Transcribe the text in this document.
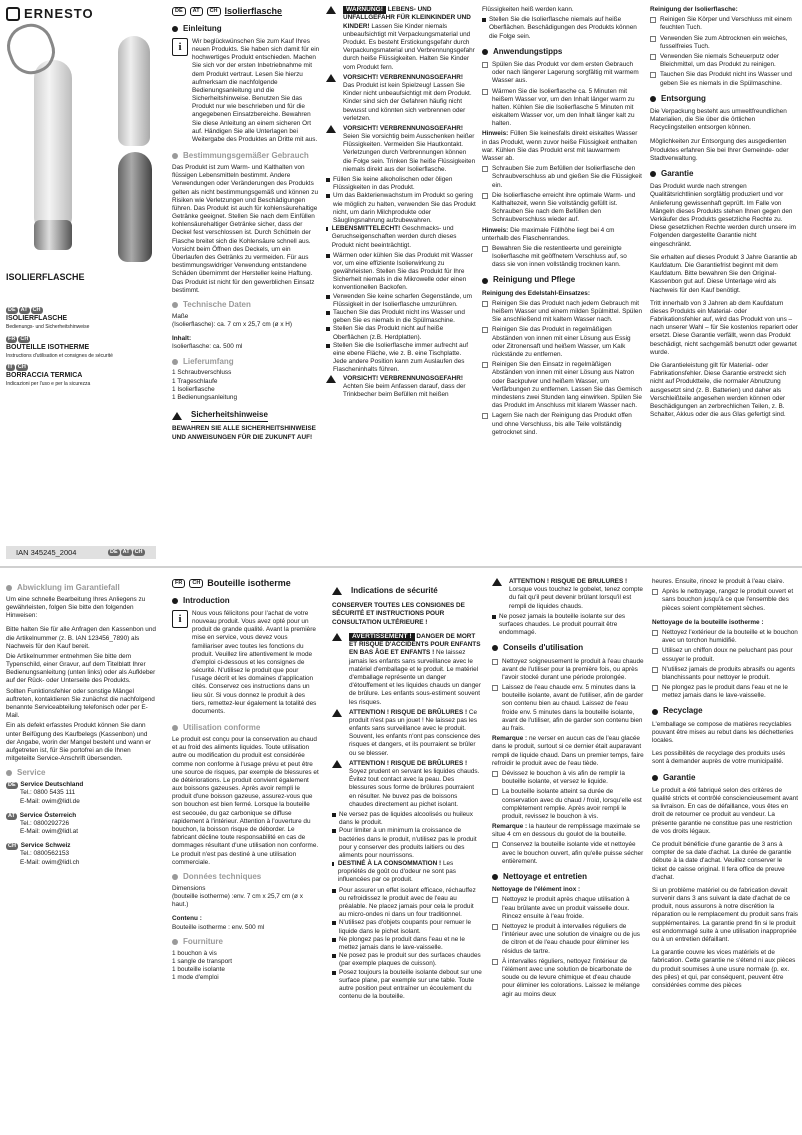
ERNESTO
ISOLIERFLASCHE
DE AT CH
ISOLIERFLASCHE
Bedienungs- und Sicherheitshinweise
FR CH
BOUTEILLE ISOTHERME
Instructions d'utilisation et consignes de sécurité
IT CH
BORRACCIA TERMICA
Indicazioni per l'uso e per la sicurezza
IAN 345245_2004	DE AT CH
DE	AT	CH Isolierflasche
Einleitung
i	Wir beglückwünschen Sie zum Kauf Ihres neuen Produkts. Sie haben sich damit für ein hochwertiges Produkt entschieden. Machen Sie sich vor der ersten Inbetriebnahme mit dem Produkt vertraut. Lesen Sie hierzu aufmerksam die nachfolgende Bedienungsanleitung und die Sicherheitshinweise. Benutzen Sie das Produkt nur wie beschrieben und für die angegebenen Einsatzbereiche. Bewahren Sie diese Anleitung an einem sicheren Ort auf. Händigen Sie alle Unterlagen bei Weitergabe des Produktes an Dritte mit aus.

Bestimmungsgemäßer Gebrauch

Das Produkt ist zum Warm- und Kalthalten von flüssigen Lebensmitteln bestimmt. Andere Verwendungen oder Veränderungen des Produkts gelten als nicht bestimmungsgemäß und können zu Risiken wie Verletzungen und Beschädigungen führen. Das Produkt ist auch für kohlensäurehaltige Getränke geeignet. Stellen Sie nach dem Einfüllen kohlensäurehaltiger Getränke sicher, dass der Deckel fest verschlossen ist. Durch Schütteln der Flasche breitet sich die Kohlensäure schnell aus. Vorsicht beim Öffnen des Deckels, um ein Überlaufen des Getränks zu vermeiden. Für aus bestimmungswidriger Verwendung entstandene Schäden übernimmt der Hersteller keine Haftung. Das Produkt ist nicht für den gewerblichen Einsatz bestimmt.

Technische Daten

Maße

(Isolierflasche): ca. 7 cm x 25,7 cm (ø x H)

Inhalt:

Isolierflasche: ca. 500 ml

Lieferumfang
1 Schraubverschluss
1 Trageschlaufe
1 Isolierflasche
1 Bedienungsanleitung
Sicherheitshinweise

BEWAHREN SIE ALLE SICHERHEITSHINWEISE UND ANWEISUNGEN FÜR DIE ZUKUNFT AUF!

WARNUNG! LEBENS- UND UNFALLGEFAHR FÜR KLEINKINDER UND KINDER! Lassen Sie Kinder niemals unbeaufsichtigt mit Verpackungsmaterial und Produkt. Es besteht Erstickungsgefahr durch Verpackungsmaterial und Verbrennungsgefahr durch heiße Flüssigkeiten. Halten Sie Kinder vom Produkt fern.
VORSICHT! VERBRENNUNGSGEFAHR! Das Produkt ist kein Spielzeug! Lassen Sie Kinder nicht unbeaufsichtigt mit dem Produkt. Kinder sind sich der Gefahren häufig nicht bewusst und könnten sich verbrennen oder verletzen.
VORSICHT! VERBRENNUNGSGEFAHR! Seien Sie vorsichtig beim Ausschenken heißer Flüssigkeiten. Vermeiden Sie Hautkontakt. Verletzungen durch Verbrennungen können die Folge sein. Trinken Sie heiße Flüssigkeiten niemals direkt aus der Isolierflasche.
Füllen Sie keine alkoholischen oder öligen Flüssigkeiten in das Produkt.
Um das Bakterienwachstum im Produkt so gering wie möglich zu halten, verwenden Sie das Produkt nicht, um darin Milchprodukte oder Säuglingsnahrung aufzubewahren.
LEBENSMITTELECHT! Geschmacks- und Geruchseigenschaften werden durch dieses Produkt nicht beeinträchtigt.
Wärmen oder kühlen Sie das Produkt mit Wasser vor, um eine effiziente Isolierwirkung zu gewährleisten. Stellen Sie das Produkt für Ihre Sicherheit niemals in die Mikrowelle oder einen konventionellen Backofen.
Verwenden Sie keine scharfen Gegenstände, um Flüssigkeit in der Isolierflasche umzurühren.
Tauchen Sie das Produkt nicht ins Wasser und geben Sie es niemals in die Spülmaschine.
Stellen Sie das Produkt nicht auf heiße Oberflächen (z.B. Herdplatten).
Stellen Sie die Isolierflasche immer aufrecht auf eine ebene Fläche, wie z. B. eine Tischplatte. Jede andere Position kann zum Auslaufen des Flascheninhalts führen.
VORSICHT! VERBRENNUNGSGEFAHR! Achten Sie beim Anfassen darauf, dass der Trinkbecher beim Befüllen mit heißen

Flüssigkeiten heiß werden kann.

Stellen Sie die Isolierflasche niemals auf heiße Oberflächen. Beschädigungen des Produkts können die Folge sein.
Anwendungstipps
Spülen Sie das Produkt vor dem ersten Gebrauch oder nach längerer Lagerung sorgfältig mit warmem Wasser aus.
Wärmen Sie die Isolierflasche ca. 5 Minuten mit heißem Wasser vor, um den Inhalt länger warm zu halten. Kühlen Sie die Isolierflasche 5 Minuten mit eiskaltem Wasser vor, um den Inhalt länger kalt zu halten.

Hinweis: Füllen Sie keinesfalls direkt eiskaltes Wasser in das Produkt, wenn zuvor heiße Flüssigkeit enthalten war. Kühlen Sie das Produkt erst mit lauwarmem Wasser ab.

Schrauben Sie zum Befüllen der Isolierflasche den Schraubverschluss ab und gießen Sie die Flüssigkeit ein.
Die Isolierflasche erreicht ihre optimale Warm- und Kalthaltezeit, wenn Sie vollständig gefüllt ist. Schrauben Sie nach dem Befüllen den Schraubverschluss wieder auf.

Hinweis: Die maximale Füllhöhe liegt bei 4 cm unterhalb des Flaschenrandes.

Bewahren Sie die restentleerte und gereinigte Isolierflasche mit geöffnetem Verschluss auf, so dass sie von innen vollständig trocknen kann.
Reinigung und Pflege

Reinigung des Edelstahl-Einsatzes:

Reinigen Sie das Produkt nach jedem Gebrauch mit heißem Wasser und einem milden Spülmittel. Spülen Sie anschließend mit kaltem Wasser nach.
Reinigen Sie das Produkt in regelmäßigen Abständen von innen mit einer Lösung aus Essig oder Zitronensaft und heißem Wasser, um Kalk rückstände zu entfernen.
Reinigen Sie den Einsatz in regelmäßigen Abständen von innen mit einer Lösung aus Natron oder Backpulver und heißem Wasser, um Verfärbungen zu entfernen. Lassen Sie das Gemisch mindestens zwei Stunden lang einwirken. Spülen Sie das Produkt im Anschluss mit klarem Wasser nach.
Lagern Sie nach der Reinigung das Produkt offen und ohne Verschluss, bis alle Teile vollständig getrocknet sind.

Reinigung der Isolierflasche:

Reinigen Sie Körper und Verschluss mit einem feuchten Tuch.
Verwenden Sie zum Abtrocknen ein weiches, fusselfreies Tuch.
Verwenden Sie niemals Scheuerputz oder Bleichmittel, um das Produkt zu reinigen.
Tauchen Sie das Produkt nicht ins Wasser und geben Sie es niemals in die Spülmaschine.
Entsorgung

Die Verpackung besteht aus umweltfreundlichen Materialien, die Sie über die örtlichen Recyclingstellen entsorgen können.

Möglichkeiten zur Entsorgung des ausgedienten Produktes erfahren Sie bei Ihrer Gemeinde- oder Stadtverwaltung.

Garantie

Das Produkt wurde nach strengen Qualitätsrichtlinien sorgfältig produziert und vor Anlieferung gewissenhaft geprüft. Im Falle von Mängeln dieses Produkts stehen Ihnen gegen den Verkäufer des Produkts gesetzliche Rechte zu. Diese gesetzlichen Rechte werden durch unsere im Folgenden dargestellte Garantie nicht eingeschränkt.

Sie erhalten auf dieses Produkt 3 Jahre Garantie ab Kaufdatum. Die Garantiefrist beginnt mit dem Kaufdatum. Bitte bewahren Sie den Original-Kassenbon gut auf. Diese Unterlage wird als Nachweis für den Kauf benötigt.

Tritt innerhalb von 3 Jahren ab dem Kaufdatum dieses Produkts ein Material- oder Fabrikationsfehler auf, wird das Produkt von uns – nach unserer Wahl – für Sie kostenlos repariert oder ersetzt. Diese Garantie verfällt, wenn das Produkt beschädigt, nicht sachgemäß benutzt oder gewartet wurde.

Die Garantieleistung gilt für Material- oder Fabrikationsfehler. Diese Garantie erstreckt sich nicht auf Produktteile, die normaler Abnutzung ausgesetzt sind (z. B. Batterien) und daher als Verschleißteile angesehen werden können oder Beschädigungen an zerbrechlichen Teilen, z. B. Schalter, Akkus oder die aus Glas gefertigt sind.

Abwicklung im Garantiefall

Um eine schnelle Bearbeitung Ihres Anliegens zu gewährleisten, folgen Sie bitte den folgenden Hinweisen:

Bitte halten Sie für alle Anfragen den Kassenbon und die Artikelnummer (z. B. IAN 123456_7890) als Nachweis für den Kauf bereit.

Die Artikelnummer entnehmen Sie bitte dem Typenschild, einer Gravur, auf dem Titelblatt Ihrer Bedienungsanleitung (unten links) oder als Aufkleber auf der Rück- oder Unterseite des Produkts.

Sollten Funktionsfehler oder sonstige Mängel auftreten, kontaktieren Sie zunächst die nachfolgend benannte Serviceabteilung telefonisch oder per E-Mail.

Ein als defekt erfasstes Produkt können Sie dann unter Beifügung des Kaufbelegs (Kassenbon) und der Angabe, worin der Mangel besteht und wann er aufgetreten ist, für Sie portofrei an die Ihnen mitgeteilte Service-Anschrift übersenden.

Service
DE Service Deutschland
Tel.: 0800 5435 111
E-Mail: owim@lidl.de
AT Service Österreich
Tel.: 0800292726
E-Mail: owim@lidl.at
CH Service Schweiz
Tel.: 0800562153
E-Mail: owim@lidl.ch
FR	CH Bouteille isotherme
Introduction
i	Nous vous félicitons pour l'achat de votre nouveau produit. Vous avez opté pour un produit de grande qualité. Avant la première mise en service, vous devez vous familiariser avec toutes les fonctions du produit. Veuillez lire attentivement le mode d'emploi ci-dessous et les consignes de sécurité. N'utilisez le produit que pour l'usage décrit et les domaines d'application cités. Conservez ces instructions dans un lieu sûr. Si vous donnez le produit à des tiers, remettez-leur également la totalité des documents.

Utilisation conforme

Le produit est conçu pour la conservation au chaud et au froid des aliments liquides. Toute utilisation autre ou modification du produit est considérée comme non conforme à l'usage prévu et peut être une source de risques, par exemple de blessures et de détériorations. Le produit convient également aux boissons gazeuses. Après avoir rempli le produit d'une boisson gazeuse, assurez-vous que son bouchon est bien fermé. Lorsque la bouteille est secouée, du gaz carbonique se diffuse rapidement à l'intérieur. Attention à l'ouverture du bouchon, la boisson risque de déborder. Le fabricant décline toute responsabilité en cas de dommages résultant d'une utilisation non conforme. Le produit n'est pas destiné à une utilisation commerciale.

Données techniques

Dimensions

(bouteille isotherme) :env. 7 cm x 25,7 cm (ø x haut.)

Contenu :

Bouteille isotherme : env. 500 ml

Fourniture
1 bouchon à vis
1 sangle de transport
1 bouteille isolante
1 mode d'emploi
Indications de sécurité

CONSERVER TOUTES LES CONSIGNES DE SÉCURITÉ ET INSTRUCTIONS POUR CONSULTATION ULTÉRIEURE !

AVERTISSEMENT ! DANGER DE MORT ET RISQUE D'ACCIDENTS POUR ENFANTS EN BAS ÂGE ET ENFANTS ! Ne laissez jamais les enfants sans surveillance avec le matériel d'emballage et le produit. Le matériel d'emballage représente un danger d'étouffement et les liquides chauds un danger de brûlure. Les enfants sous-estiment souvent les risques.
ATTENTION ! RISQUE DE BRÛLURES ! Ce produit n'est pas un jouet ! Ne laissez pas les enfants sans surveillance avec le produit. Souvent, les enfants n'ont pas conscience des risques et dangers, et ils pourraient se brûler ou se blesser.
ATTENTION ! RISQUE DE BRÛLURES ! Soyez prudent en servant les liquides chauds. Évitez tout contact avec la peau. Des blessures sous forme de brûlures pourraient en résulter. Ne buvez pas de boissons chaudes directement au pichet isolant.
Ne versez pas de liquides alcoolisés ou huileux dans le produit.
Pour limiter à un minimum la croissance de bactéries dans le produit, n'utilisez pas le produit pour y conserver des produits laitiers ou des aliments pour nourrissons.
DESTINÉ À LA CONSOMMATION ! Les propriétés de goût ou d'odeur ne sont pas influencées par ce produit.
Pour assurer un effet isolant efficace, réchauffez ou refroidissez le produit avec de l'eau au préalable. Ne placez jamais pour cela le produit au micro-ondes ni dans un four traditionnel.
N'utilisez pas d'objets coupants pour remuer le liquide dans le pichet isolant.
Ne plongez pas le produit dans l'eau et ne le mettez jamais dans le lave-vaisselle.
Ne posez pas le produit sur des surfaces chaudes (par exemple plaques de cuisson).
Posez toujours la bouteille isolante debout sur une surface plane, par exemple sur une table. Toute autre position peut entraîner un écoulement du contenu de la bouteille.
ATTENTION ! RISQUE DE BRÛLURES ! Lorsque vous touchez le gobelet, tenez compte du fait qu'il peut devenir brûlant lorsqu'il est rempli de liquides chauds.
Ne posez jamais la bouteille isolante sur des surfaces chaudes. Le produit pourrait être endommagé.
Conseils d'utilisation
Nettoyez soigneusement le produit à l'eau chaude avant de l'utiliser pour la première fois, ou après l'avoir stocké durant une période prolongée.
Laissez de l'eau chaude env. 5 minutes dans la bouteille isolante, avant de l'utiliser, afin de garder son contenu bien au chaud. Laissez de l'eau froide env. 5 minutes dans la bouteille isolante, avant de l'utiliser, afin de garder son contenu bien au frais.

Remarque : ne verser en aucun cas de l'eau glacée dans le produit, surtout si ce dernier était auparavant rempli de liquide chaud. Dans un premier temps, faire refroidir le produit avec de l'eau tiède.

Dévissez le bouchon à vis afin de remplir la bouteille isolante, et versez le liquide.
La bouteille isolante atteint sa durée de conservation avec du chaud / froid, lorsqu'elle est complètement remplie. Après avoir rempli le produit, revissez le bouchon à vis.

Remarque : la hauteur de remplissage maximale se situe 4 cm en dessous du goulot de la bouteille.

Conservez la bouteille isolante vide et nettoyée avec le bouchon ouvert, afin qu'elle puisse sécher entièrement.
Nettoyage et entretien

Nettoyage de l'élément inox :

Nettoyez le produit après chaque utilisation à l'eau brûlante avec un produit vaisselle doux. Rincez ensuite à l'eau froide.
Nettoyez le produit à intervalles réguliers de l'intérieur avec une solution de vinaigre ou de jus de citron et de l'eau chaude pour éliminer les résidus de tartre.
À intervalles réguliers, nettoyez l'intérieur de l'élément avec une solution de bicarbonate de soude ou de levure chimique et d'eau chaude pour éliminer les colorations. Laissez le mélange agir au moins deux

heures. Ensuite, rincez le produit à l'eau claire.

Après le nettoyage, rangez le produit ouvert et sans bouchon jusqu'à ce que l'ensemble des pièces soient complètement sèches.

Nettoyage de la bouteille isotherme :

Nettoyez l'extérieur de la bouteille et le bouchon avec un torchon humidifié.
Utilisez un chiffon doux ne peluchant pas pour essuyer le produit.
N'utilisez jamais de produits abrasifs ou agents blanchissants pour nettoyer le produit.
Ne plongez pas le produit dans l'eau et ne le mettez jamais dans le lave-vaisselle.
Recyclage

L'emballage se compose de matières recyclables pouvant être mises au rebut dans les déchetteries locales.

Les possibilités de recyclage des produits usés sont à demander auprès de votre municipalité.

Garantie

Le produit a été fabriqué selon des critères de qualité stricts et contrôlé consciencieusement avant sa livraison. En cas de défaillance, vous êtes en droit de retourner ce produit au vendeur. La présente garantie ne constitue pas une restriction de vos droits légaux.

Ce produit bénéficie d'une garantie de 3 ans à compter de sa date d'achat. La durée de garantie débute à la date d'achat. Veuillez conserver le ticket de caisse original. Il fera office de preuve d'achat.

Si un problème matériel ou de fabrication devait survenir dans 3 ans suivant la date d'achat de ce produit, nous assurons à notre discrétion la réparation ou le remplacement du produit sans frais supplémentaires. La garantie prend fin si le produit est endommagé suite à une utilisation inappropriée ou à un entretien défaillant.

La garantie couvre les vices matériels et de fabrication. Cette garantie ne s'étend ni aux pièces du produit soumises à une usure normale (p. ex. des piles) et qui, par conséquent, peuvent être considérées comme des pièces
